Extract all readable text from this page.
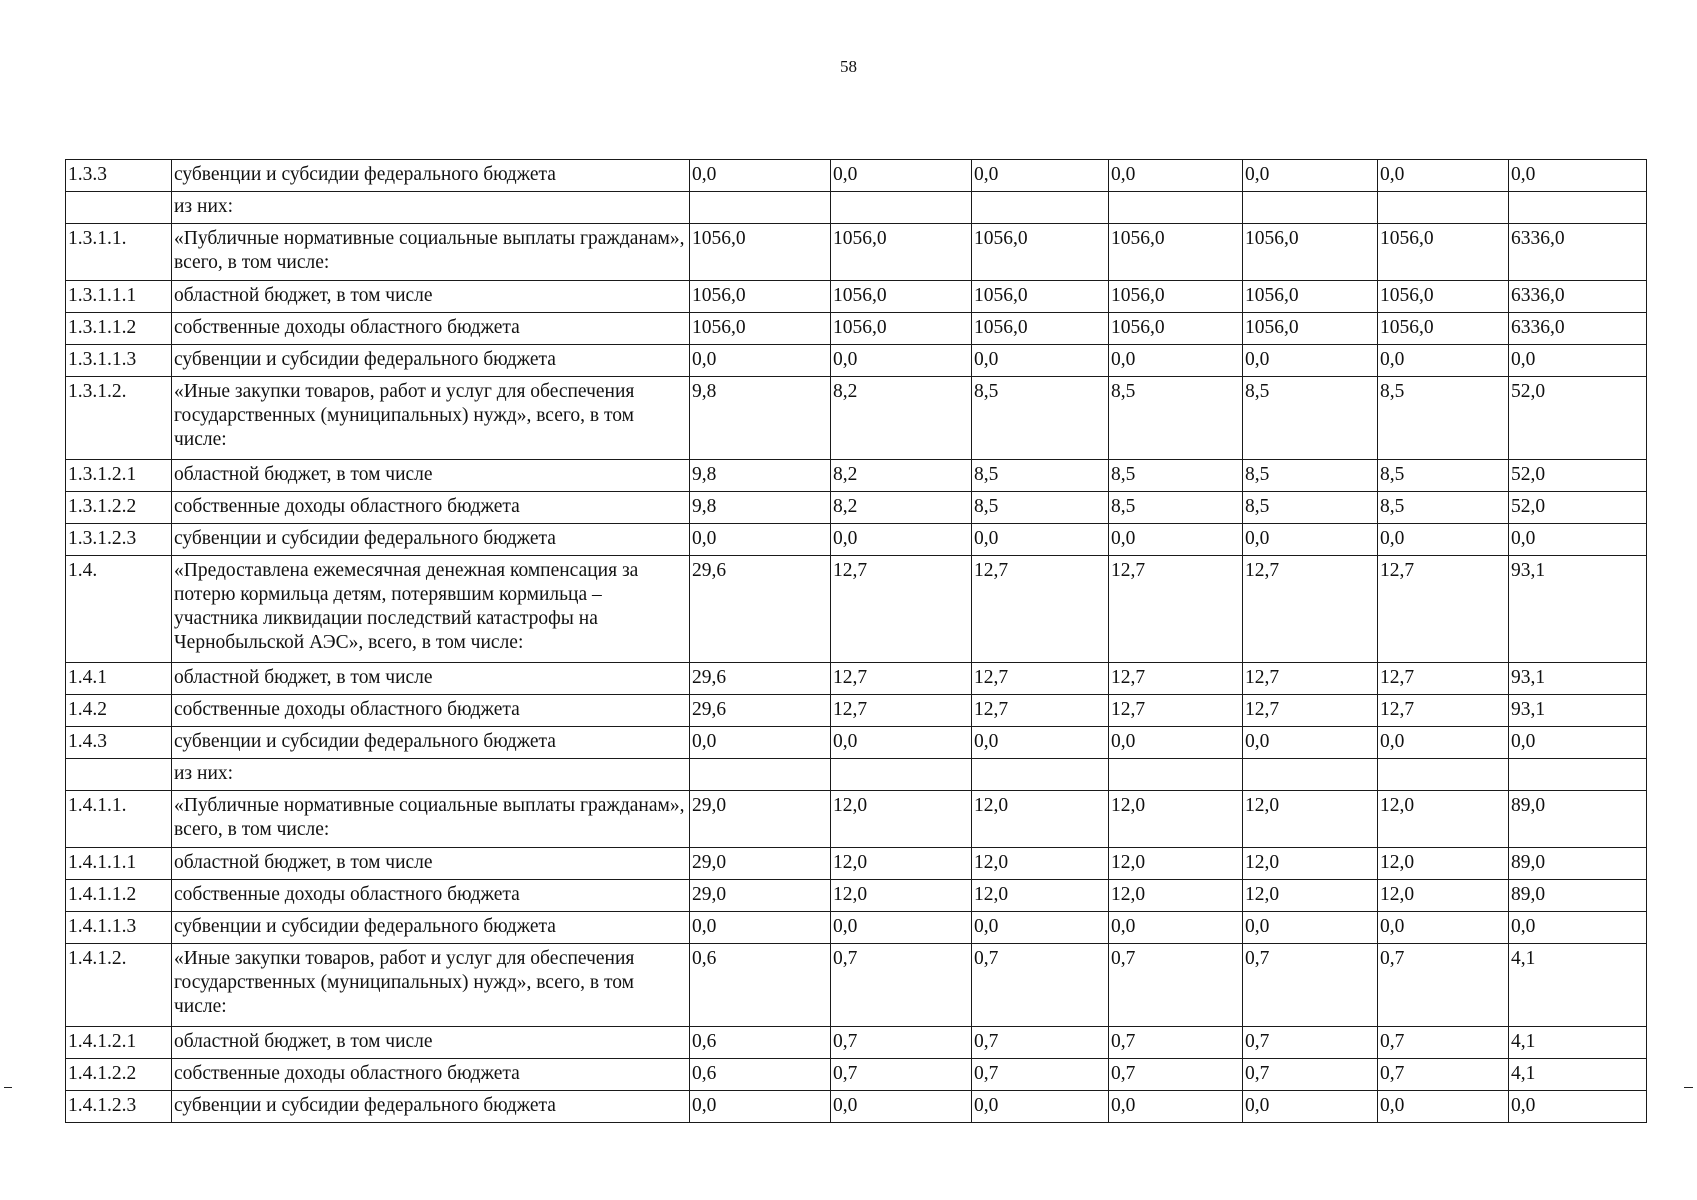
58
1.3.3	субвенции и субсидии федерального бюджета	0,0	0,0	0,0	0,0	0,0	0,0	0,0
	из них:							
1.3.1.1.	«Публичные нормативные социальные выплаты гражданам», всего, в том числе:	1056,0	1056,0	1056,0	1056,0	1056,0	1056,0	6336,0
1.3.1.1.1	областной бюджет, в том числе	1056,0	1056,0	1056,0	1056,0	1056,0	1056,0	6336,0
1.3.1.1.2	собственные доходы областного бюджета	1056,0	1056,0	1056,0	1056,0	1056,0	1056,0	6336,0
1.3.1.1.3	субвенции и субсидии федерального бюджета	0,0	0,0	0,0	0,0	0,0	0,0	0,0
1.3.1.2.	«Иные закупки товаров, работ и услуг для обеспечения государственных (муниципальных) нужд», всего, в том числе:	9,8	8,2	8,5	8,5	8,5	8,5	52,0
1.3.1.2.1	областной бюджет, в том числе	9,8	8,2	8,5	8,5	8,5	8,5	52,0
1.3.1.2.2	собственные доходы областного бюджета	9,8	8,2	8,5	8,5	8,5	8,5	52,0
1.3.1.2.3	субвенции и субсидии федерального бюджета	0,0	0,0	0,0	0,0	0,0	0,0	0,0
1.4.	«Предоставлена ежемесячная денежная компенсация за потерю кормильца детям, потерявшим кормильца – участника ликвидации последствий катастрофы на Чернобыльской АЭС», всего, в том числе:	29,6	12,7	12,7	12,7	12,7	12,7	93,1
1.4.1	областной бюджет, в том числе	29,6	12,7	12,7	12,7	12,7	12,7	93,1
1.4.2	собственные доходы областного бюджета	29,6	12,7	12,7	12,7	12,7	12,7	93,1
1.4.3	субвенции и субсидии федерального бюджета	0,0	0,0	0,0	0,0	0,0	0,0	0,0
	из них:							
1.4.1.1.	«Публичные нормативные социальные выплаты гражданам», всего, в том числе:	29,0	12,0	12,0	12,0	12,0	12,0	89,0
1.4.1.1.1	областной бюджет, в том числе	29,0	12,0	12,0	12,0	12,0	12,0	89,0
1.4.1.1.2	собственные доходы областного бюджета	29,0	12,0	12,0	12,0	12,0	12,0	89,0
1.4.1.1.3	субвенции и субсидии федерального бюджета	0,0	0,0	0,0	0,0	0,0	0,0	0,0
1.4.1.2.	«Иные закупки товаров, работ и услуг для обеспечения государственных (муниципальных) нужд», всего, в том числе:	0,6	0,7	0,7	0,7	0,7	0,7	4,1
1.4.1.2.1	областной бюджет, в том числе	0,6	0,7	0,7	0,7	0,7	0,7	4,1
1.4.1.2.2	собственные доходы областного бюджета	0,6	0,7	0,7	0,7	0,7	0,7	4,1
1.4.1.2.3	субвенции и субсидии федерального бюджета	0,0	0,0	0,0	0,0	0,0	0,0	0,0
